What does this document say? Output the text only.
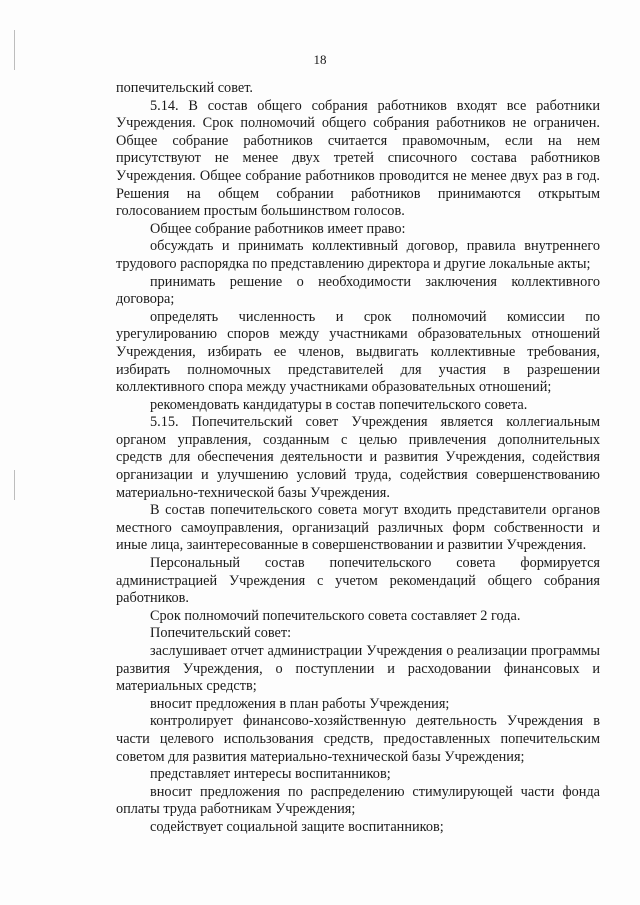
18

попечительский совет.

5.14. В состав общего собрания работников входят все работники Учреждения. Срок полномочий общего собрания работников не ограничен. Общее собрание работников считается правомочным, если на нем присутствуют не менее двух третей списочного состава работников Учреждения. Общее собрание работников проводится не менее двух раз в год. Решения на общем собрании работников принимаются открытым голосованием простым большинством голосов.

Общее собрание работников имеет право:

обсуждать и принимать коллективный договор, правила внутреннего трудового распорядка по представлению директора и другие локальные акты;

принимать решение о необходимости заключения коллективного договора;

определять численность и срок полномочий комиссии по урегулированию споров между участниками образовательных отношений Учреждения, избирать ее членов, выдвигать коллективные требования, избирать полномочных представителей для участия в разрешении коллективного спора между участниками образовательных отношений;

рекомендовать кандидатуры в состав попечительского совета.

5.15. Попечительский совет Учреждения является коллегиальным органом управления, созданным с целью привлечения дополнительных средств для обеспечения деятельности и развития Учреждения, содействия организации и улучшению условий труда, содействия совершенствованию материально-технической базы Учреждения.

В состав попечительского совета могут входить представители органов местного самоуправления, организаций различных форм собственности и иные лица, заинтересованные в совершенствовании и развитии Учреждения.

Персональный состав попечительского совета формируется администрацией Учреждения с учетом рекомендаций общего собрания работников.

Срок полномочий попечительского совета составляет 2 года.

Попечительский совет:

заслушивает отчет администрации Учреждения о реализации программы развития Учреждения, о поступлении и расходовании финансовых и материальных средств;

вносит предложения в план работы Учреждения;

контролирует финансово-хозяйственную деятельность Учреждения в части целевого использования средств, предоставленных попечительским советом для развития материально-технической базы Учреждения;

представляет интересы воспитанников;

вносит предложения по распределению стимулирующей части фонда оплаты труда работникам Учреждения;

содействует социальной защите воспитанников;
